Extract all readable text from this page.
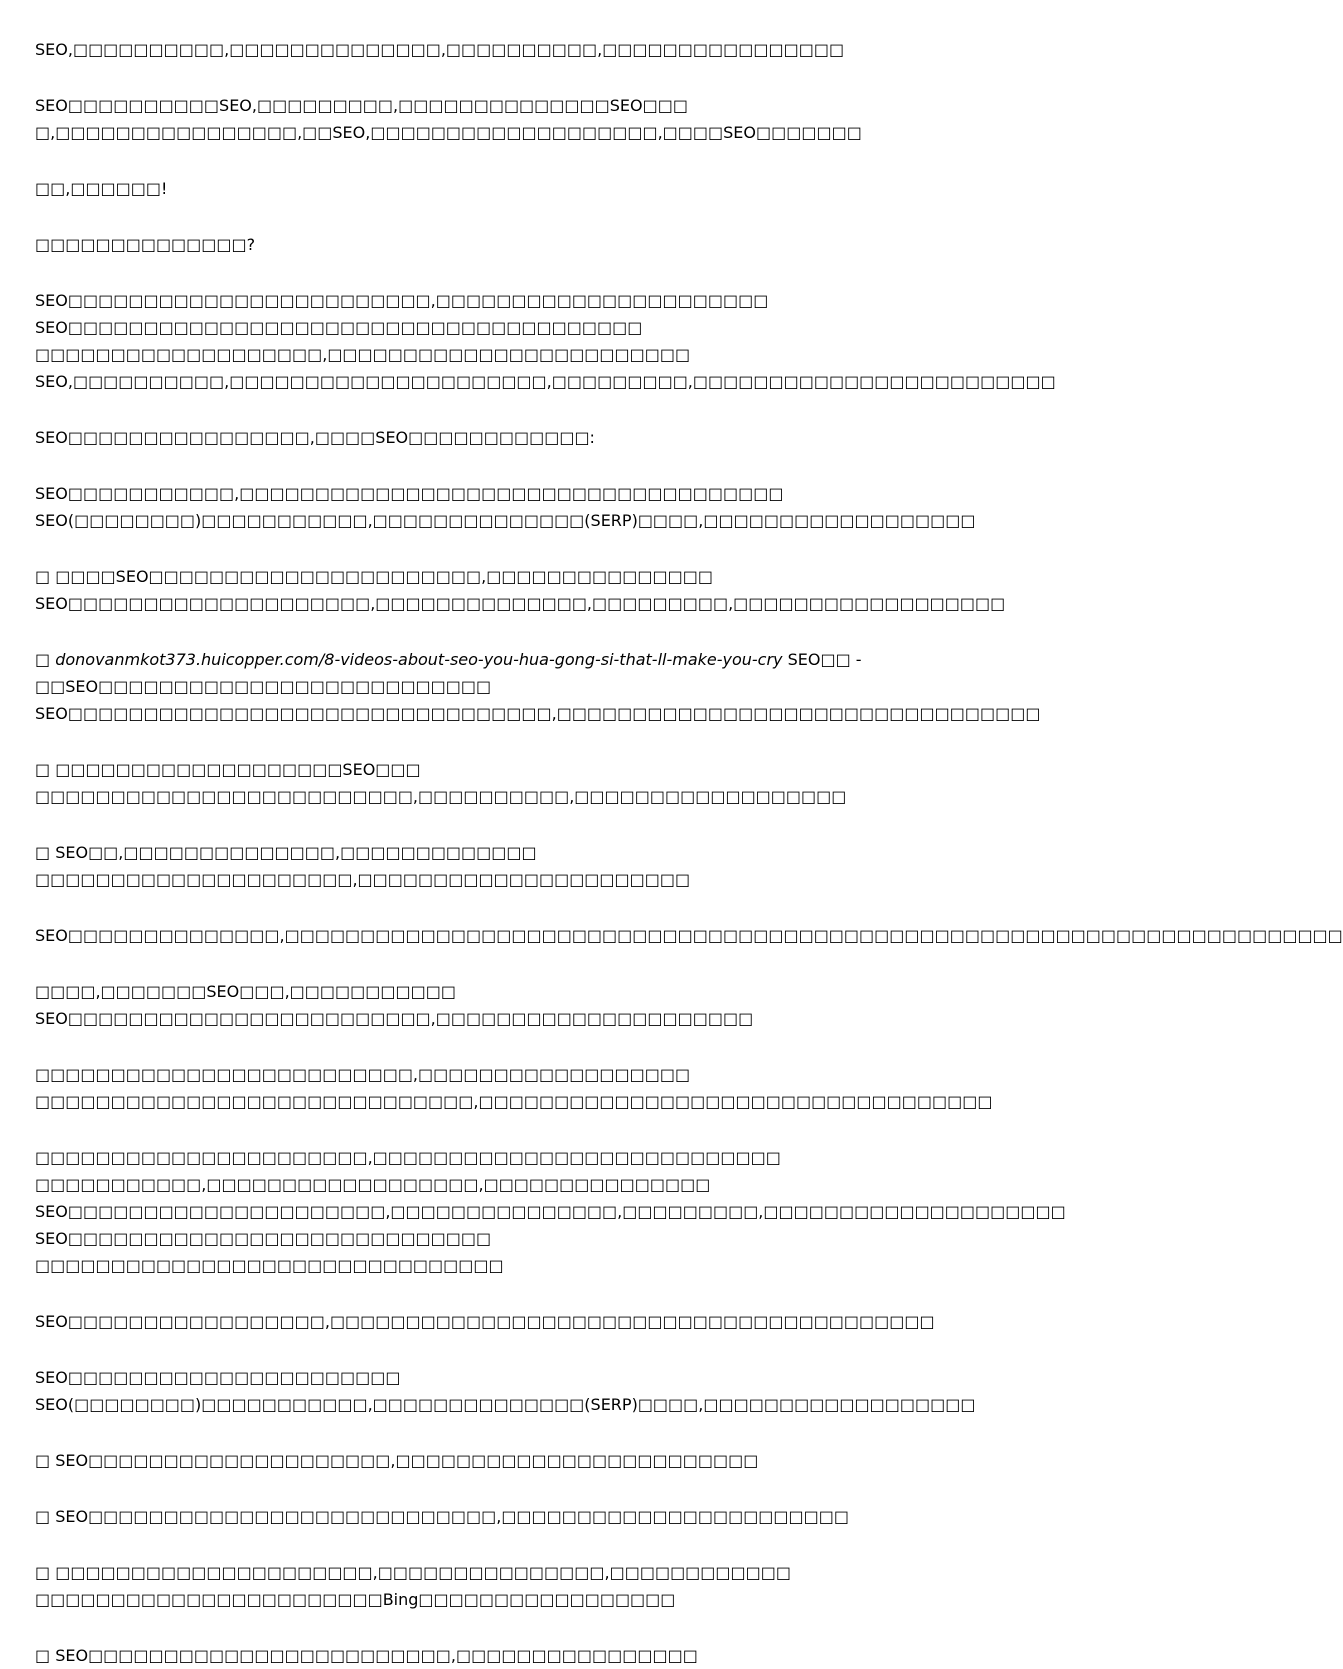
SEO,□□□□□□□□□□,□□□□□□□□□□□□□□,□□□□□□□□□□,□□□□□□□□□□□□□□□□

SEO□□□□□□□□□□SEO,□□□□□□□□□,□□□□□□□□□□□□□□SEO□□□
□,□□□□□□□□□□□□□□□□,□□SEO,□□□□□□□□□□□□□□□□□□□,□□□□SEO□□□□□□□

□□,□□□□□□!

□□□□□□□□□□□□□□?

SEO□□□□□□□□□□□□□□□□□□□□□□□□,□□□□□□□□□□□□□□□□□□□□□□ SEO□□□□□□□□□□□□□□□□□□□□□□□□□□□□□□□□□□□□□□
□□□□□□□□□□□□□□□□□□□,□□□□□□□□□□□□□□□□□□□□□□□□
SEO,□□□□□□□□□□,□□□□□□□□□□□□□□□□□□□□□,□□□□□□□□□,□□□□□□□□□□□□□□□□□□□□□□□□

SEO□□□□□□□□□□□□□□□□,□□□□SEO□□□□□□□□□□□□:

SEO□□□□□□□□□□□,□□□□□□□□□□□□□□□□□□□□□□□□□□□□□□□□□□□□
SEO(□□□□□□□□)□□□□□□□□□□□,□□□□□□□□□□□□□□(SERP)□□□□,□□□□□□□□□□□□□□□□□□

□ □□□□SEO□□□□□□□□□□□□□□□□□□□□□□,□□□□□□□□□□□□□□□
SEO□□□□□□□□□□□□□□□□□□□□,□□□□□□□□□□□□□□,□□□□□□□□□,□□□□□□□□□□□□□□□□□□

□ donovanmkot373.huicopper.com/8-videos-about-seo-you-hua-gong-si-that-ll-make-you-cry SEO□□ -
□□SEO□□□□□□□□□□□□□□□□□□□□□□□□□□ SEO□□□□□□□□□□□□□□□□□□□□□□□□□□□□□□□□,□□□□□□□□□□□□□□□□□□□□□□□□□□□□□□□□

□ □□□□□□□□□□□□□□□□□□□SEO□□□ □□□□□□□□□□□□□□□□□□□□□□□□□,□□□□□□□□□□,□□□□□□□□□□□□□□□□□□

□ SEO□□,□□□□□□□□□□□□□□,□□□□□□□□□□□□□ □□□□□□□□□□□□□□□□□□□□□,□□□□□□□□□□□□□□□□□□□□□□

SEO□□□□□□□□□□□□□□,□□□□□□□□□□□□□□□□□□□□□□□□□□□□□□□□□□□□□□□□□□□□□□□□□□□□□□□□□□□□□□□□□□□□□□

□□□□,□□□□□□□SEO□□□,□□□□□□□□□□□ SEO□□□□□□□□□□□□□□□□□□□□□□□□,□□□□□□□□□□□□□□□□□□□□□

□□□□□□□□□□□□□□□□□□□□□□□□□,□□□□□□□□□□□□□□□□□□ □□□□□□□□□□□□□□□□□□□□□□□□□□□□□,□□□□□□□□□□□□□□□□□□□□□□□□□□□□□□□□□□

□□□□□□□□□□□□□□□□□□□□□□,□□□□□□□□□□□□□□□□□□□□□□□□□□□ □□□□□□□□□□□,□□□□□□□□□□□□□□□□□□,□□□□□□□□□□□□□□□
SEO□□□□□□□□□□□□□□□□□□□□□,□□□□□□□□□□□□□□□,□□□□□□□□□,□□□□□□□□□□□□□□□□□□□□ SEO□□□□□□□□□□□□□□□□□□□□□□□□□□□□
□□□□□□□□□□□□□□□□□□□□□□□□□□□□□□□

SEO□□□□□□□□□□□□□□□□□,□□□□□□□□□□□□□□□□□□□□□□□□□□□□□□□□□□□□□□□□

SEO□□□□□□□□□□□□□□□□□□□□□□ SEO(□□□□□□□□)□□□□□□□□□□□,□□□□□□□□□□□□□□(SERP)□□□□,□□□□□□□□□□□□□□□□□□

□ SEO□□□□□□□□□□□□□□□□□□□□,□□□□□□□□□□□□□□□□□□□□□□□□

□ SEO□□□□□□□□□□□□□□□□□□□□□□□□□□□,□□□□□□□□□□□□□□□□□□□□□□□

□ □□□□□□□□□□□□□□□□□□□□□,□□□□□□□□□□□□□□□,□□□□□□□□□□□□ □□□□□□□□□□□□□□□□□□□□□□□Bing□□□□□□□□□□□□□□□□□

□ SEO□□□□□□□□□□□□□□□□□□□□□□□□,□□□□□□□□□□□□□□□□
